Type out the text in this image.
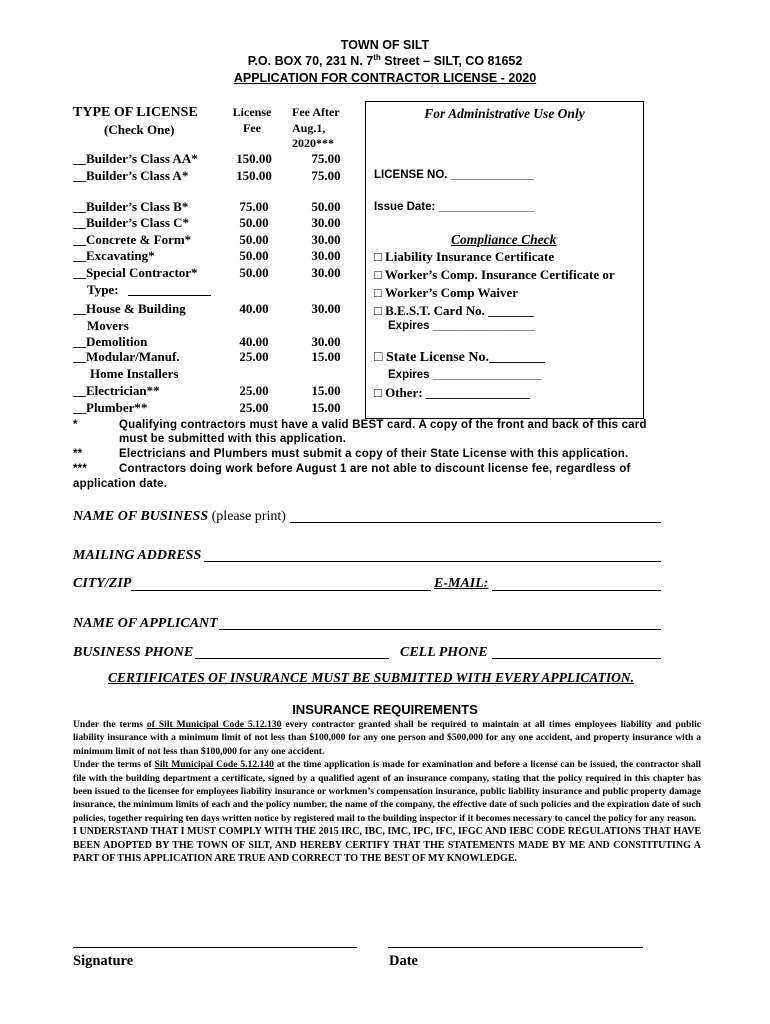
TOWN OF SILT
P.O. BOX 70, 231 N. 7th Street – SILT, CO 81652
APPLICATION FOR CONTRACTOR LICENSE - 2020
TYPE OF LICENSE
(Check One)
License
Fee
Fee After
Aug.1,
2020***
__Builder’s Class AA*	150.00	75.00
__Builder’s Class A*	150.00	75.00
__Builder’s Class B*	75.00	50.00
__Builder’s Class C*	50.00	30.00
__Concrete & Form*	50.00	30.00
__Excavating*	50.00	30.00
__Special Contractor*	50.00	30.00
Type:
__House & Building	40.00	30.00
Movers
__Demolition	40.00	30.00
__Modular/Manuf.	25.00	15.00
Home Installers
__Electrician**	25.00	15.00
__Plumber**	25.00	15.00
For Administrative Use Only
LICENSE NO. _____________
Issue Date: _______________
Compliance Check
□ Liability Insurance Certificate
□ Worker’s Comp. Insurance Certificate or
□ Worker’s Comp Waiver
□ B.E.S.T. Card No. _______
Expires ________________
□ State License No.________
Expires _________________
□ Other: ________________
*	Qualifying contractors must have a valid BEST card. A copy of the front and back of this card
must be submitted with this application.
**	Electricians and Plumbers must submit a copy of their State License with this application.
***	Contractors doing work before August 1 are not able to discount license fee, regardless of
application date.
NAME OF BUSINESS (please print)
MAILING ADDRESS
CITY/ZIP	E-MAIL:
NAME OF APPLICANT
BUSINESS PHONE	CELL PHONE
CERTIFICATES OF INSURANCE MUST BE SUBMITTED WITH EVERY APPLICATION.
INSURANCE REQUIREMENTS

Under the terms of Silt Municipal Code 5.12.130 every contractor granted shall be required to maintain at all times employees liability and public liability insurance with a minimum limit of not less than $100,000 for any one person and $500,000 for any one accident, and property insurance with a minimum limit of not less than $100,000 for any one accident.

Under the terms of Silt Municipal Code 5.12.140 at the time application is made for examination and before a license can be issued, the contractor shall file with the building department a certificate, signed by a qualified agent of an insurance company, stating that the policy required in this chapter has been issued to the licensee for employees liability insurance or workmen’s compensation insurance, public liability insurance and public property damage insurance, the minimum limits of each and the policy number, the name of the company, the effective date of such policies and the expiration date of such policies, together requiring ten days written notice by registered mail to the building inspector if it becomes necessary to cancel the policy for any reason.

I UNDERSTAND THAT I MUST COMPLY WITH THE 2015 IRC, IBC, IMC, IPC, IFC, IFGC AND IEBC CODE REGULATIONS THAT HAVE BEEN ADOPTED BY THE TOWN OF SILT, AND HEREBY CERTIFY THAT THE STATEMENTS MADE BY ME AND CONSTITUTING A PART OF THIS APPLICATION ARE TRUE AND CORRECT TO THE BEST OF MY KNOWLEDGE.

Signature	Date
